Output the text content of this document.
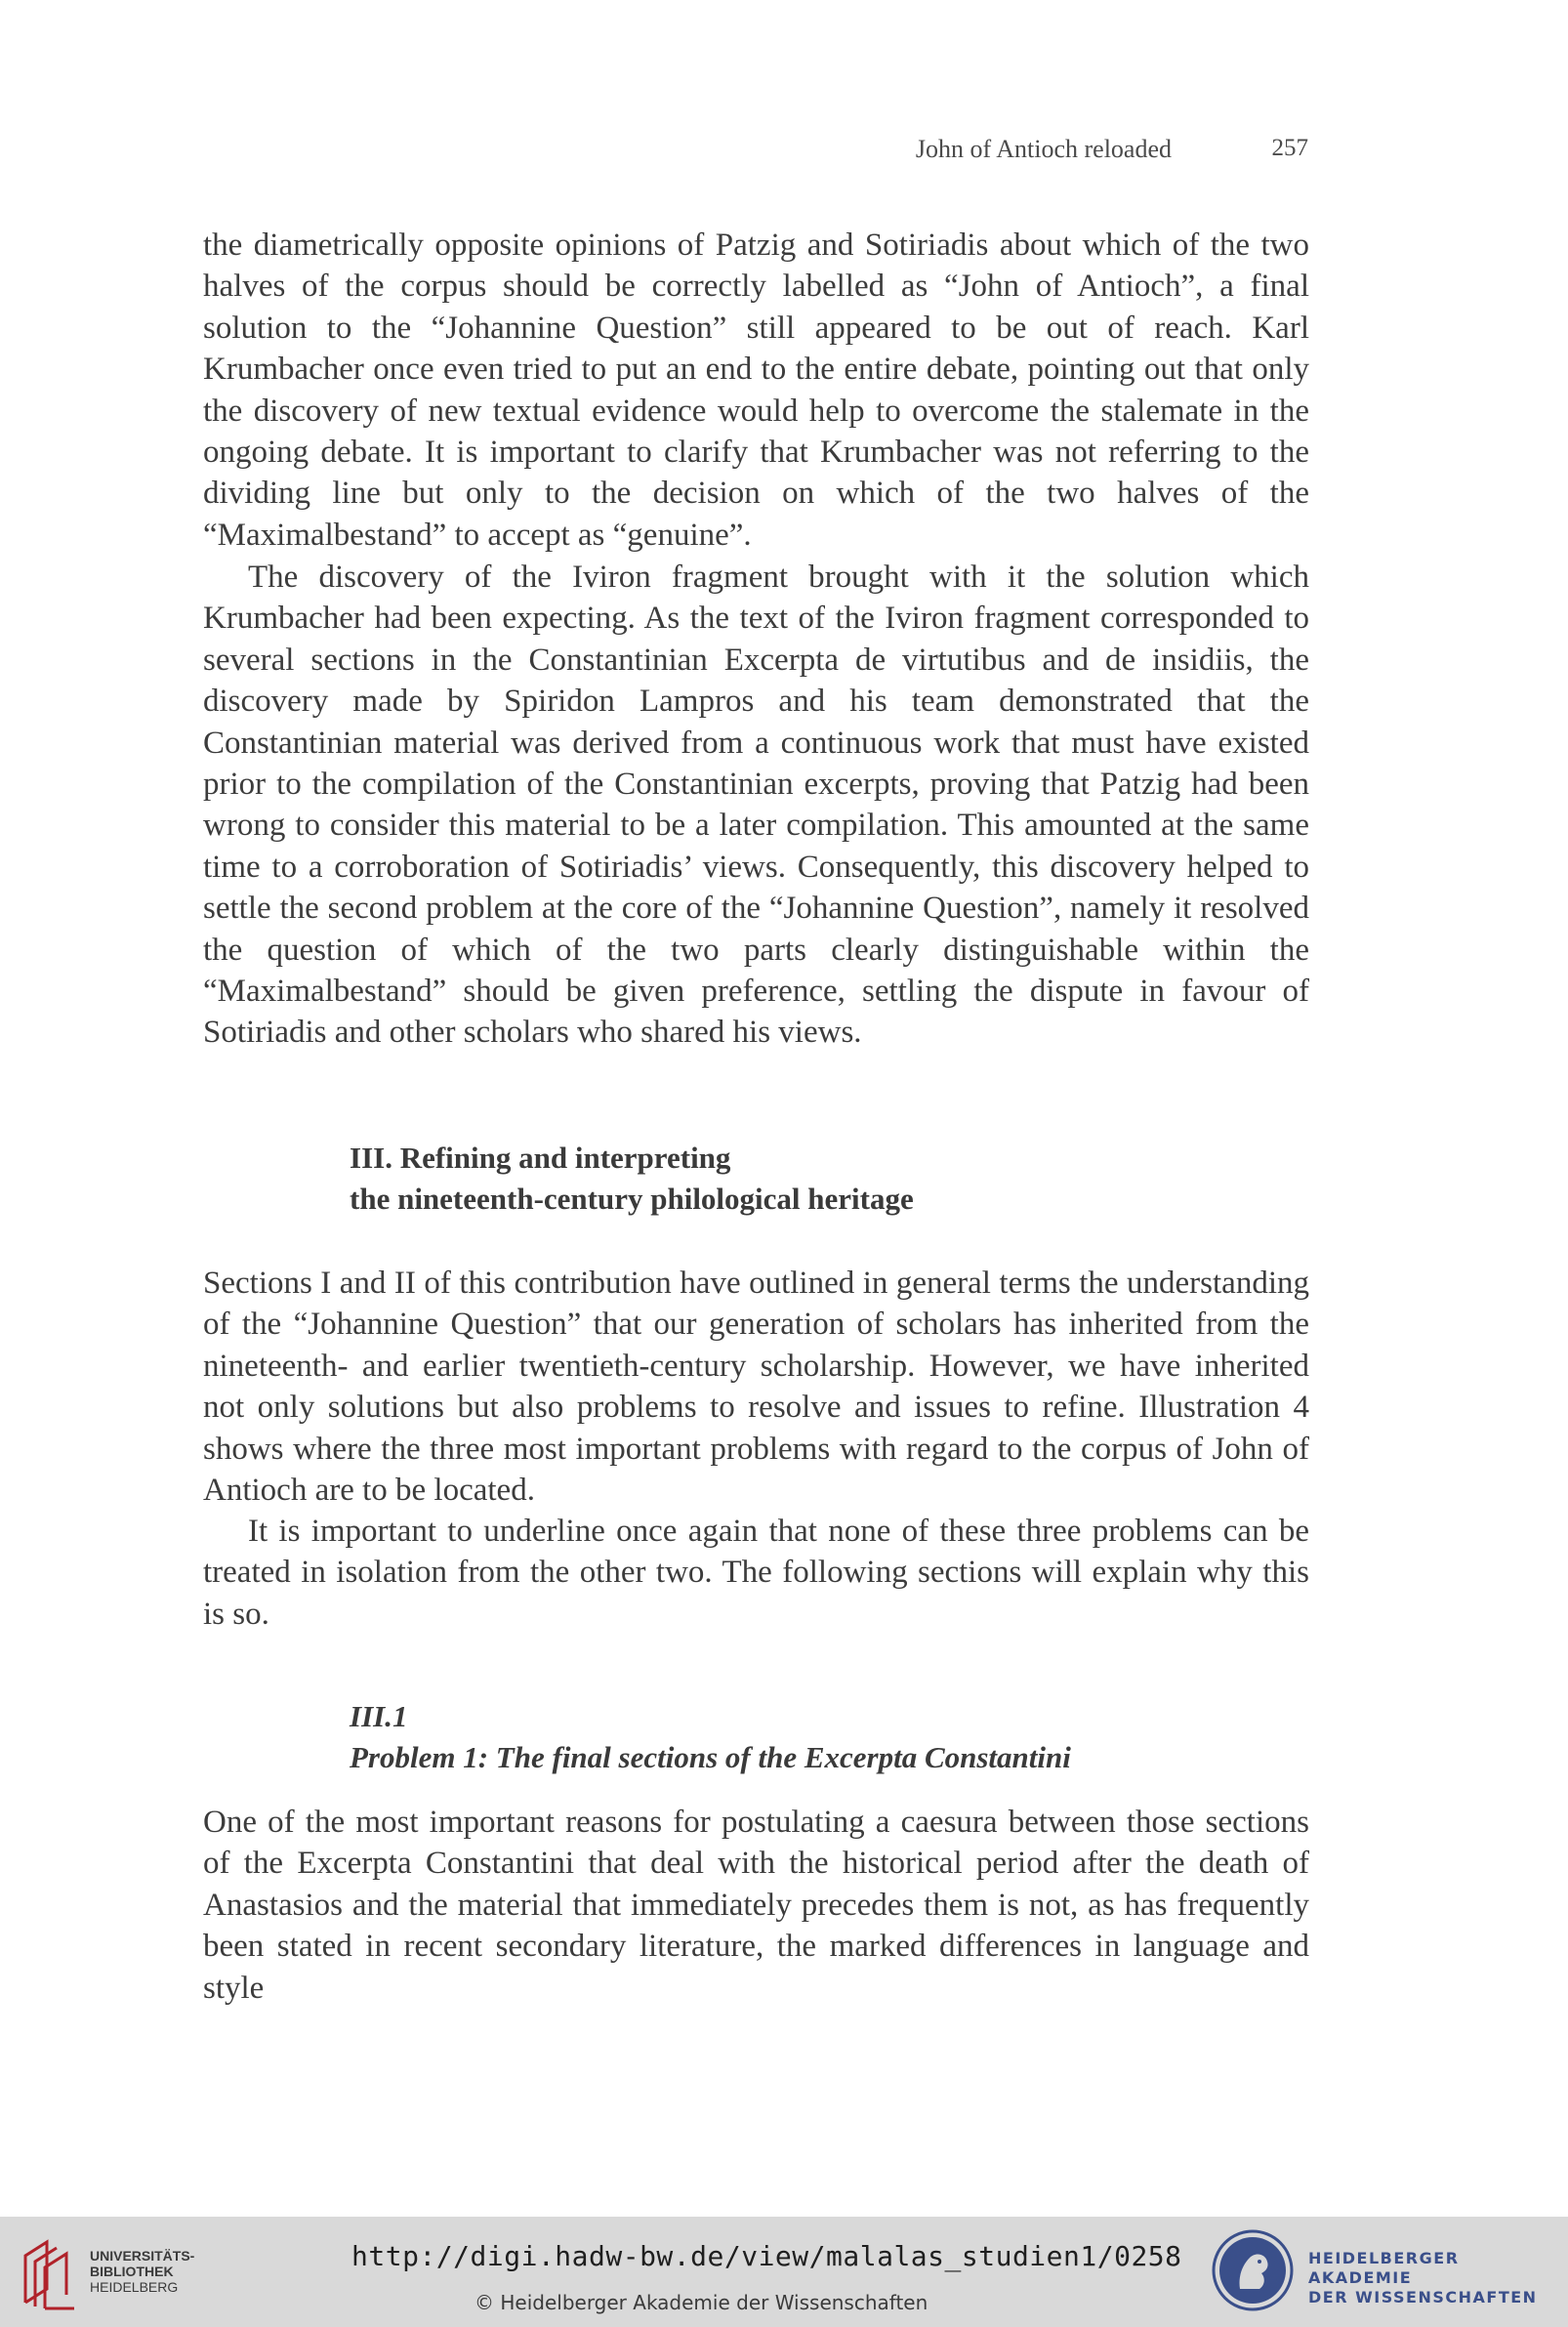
John of Antioch reloaded	257

the diametrically opposite opinions of Patzig and Sotiriadis about which of the two halves of the corpus should be correctly labelled as “John of Antioch”, a final solution to the “Johannine Question” still appeared to be out of reach. Karl Krumbacher once even tried to put an end to the entire debate, pointing out that only the discovery of new textual evidence would help to overcome the stalemate in the ongoing debate. It is important to clarify that Krumbacher was not referring to the dividing line but only to the decision on which of the two halves of the “Maximalbestand” to accept as “genuine”.

The discovery of the Iviron fragment brought with it the solution which Krumbacher had been expecting. As the text of the Iviron fragment corresponded to several sections in the Constantinian Excerpta de virtutibus and de insidiis, the discovery made by Spiridon Lampros and his team demonstrated that the Constantinian material was derived from a continuous work that must have existed prior to the compilation of the Constantinian excerpts, proving that Patzig had been wrong to consider this material to be a later compilation. This amounted at the same time to a corroboration of Sotiriadis’ views. Consequently, this discovery helped to settle the second problem at the core of the “Johannine Question”, namely it resolved the question of which of the two parts clearly distinguishable within the “Maximalbestand” should be given preference, settling the dispute in favour of Sotiriadis and other scholars who shared his views.

III. Refining and interpreting
the nineteenth-century philological heritage

Sections I and II of this contribution have outlined in general terms the understanding of the “Johannine Question” that our generation of scholars has inherited from the nineteenth- and earlier twentieth-century scholarship. However, we have inherited not only solutions but also problems to resolve and issues to refine. Illustration 4 shows where the three most important problems with regard to the corpus of John of Antioch are to be located.

It is important to underline once again that none of these three problems can be treated in isolation from the other two. The following sections will explain why this is so.

III.1
Problem 1: The final sections of the Excerpta Constantini

One of the most important reasons for postulating a caesura between those sections of the Excerpta Constantini that deal with the historical period after the death of Anastasios and the material that immediately precedes them is not, as has frequently been stated in recent secondary literature, the marked differences in language and style

UNIVERSITÄTS-
BIBLIOTHEK
HEIDELBERG
http://digi.hadw-bw.de/view/malalas_studien1/0258
© Heidelberger Akademie der Wissenschaften
HEIDELBERGER AKADEMIE
DER WISSENSCHAFTEN
